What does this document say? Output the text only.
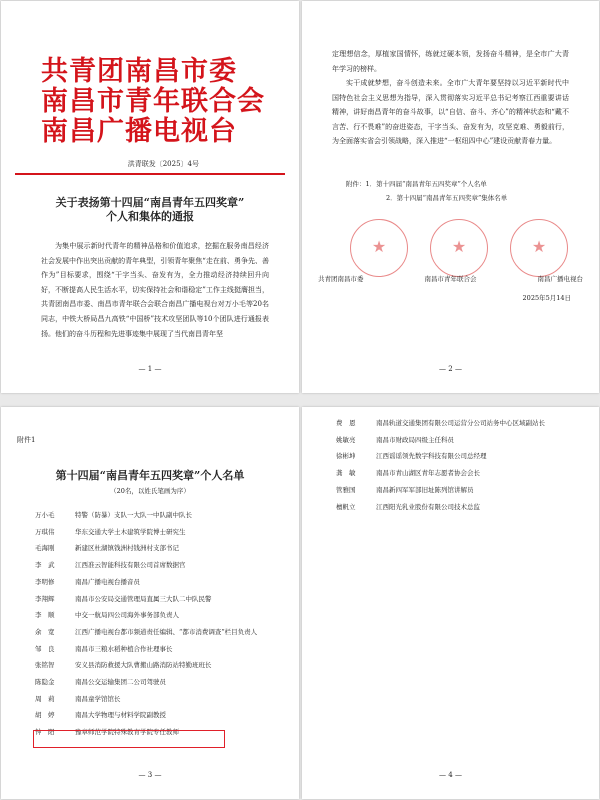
共青团南昌市委
南昌市青年联合会
南昌广播电视台
洪青联发〔2025〕4号
关于表扬第十四届“南昌青年五四奖章”
个人和集体的通报
为集中展示新时代青年的精神品格和价值追求，挖掘在服务南昌经济社会发展中作出突出贡献的青年典型，引领青年聚焦“走在前、勇争先、善作为”目标要求，围绕“干字当头、奋发有为，全力推动经济持续回升向好，不断提高人民生活水平，切实保持社会和谐稳定”工作主线挺膺担当，共青团南昌市委、南昌市青年联合会联合南昌广播电视台对万小毛等20名同志，中铁大桥局昌九高铁“中国桥”技术攻坚团队等10个团队进行通报表扬。他们的奋斗历程和先进事迹集中展现了当代南昌青年坚
— 1 —
定理想信念，厚植家国情怀，练就过硬本领，发扬奋斗精神，是全市广大青年学习的榜样。
实干成就梦想，奋斗创造未来。全市广大青年要坚持以习近平新时代中国特色社会主义思想为指导，深入贯彻落实习近平总书记考察江西重要讲话精神，讲好南昌青年的奋斗故事，以“自信、奋斗、齐心”的精神状态和“戴不言苦、行不畏难”的奋进姿态，干字当头、奋发有为，攻坚克难、勇毅前行，为全面落实省会引领战略，深入推进“一枢纽四中心”建设贡献青春力量。
附件：1．第十四届“南昌青年五四奖章”个人名单
2．第十四届“南昌青年五四奖章”集体名单
★
★
★
共青团南昌市委	南昌市青年联合会	南昌广播电视台
2025年5月14日
— 2 —
附件1
第十四届“南昌青年五四奖章”个人名单
（20名，以姓氏笔画为序）
万小毛	特警（防暴）支队一大队一中队副中队长
万琪伟	华东交通大学土木建筑学院博士研究生
毛海刚	新建区杜湖镇钱洲村钱洲村支部书记
李　武	江西准云智能科技有限公司首席数据官
李明修	南昌广播电视台播音员
李翔辉	南昌市公安局交通管理局直属三大队二中队民警
李　顺	中交一航局四公司海外事务部负责人
余　宽	江西广播电视台都市频道责任编辑、“都市消费调查”栏目负责人
邹　良	南昌市三粮水稻种植合作社理事长
张铭智	安义县消防救援大队曹搬山路消防站特勤班班长
陈隐金	南昌公交运输集团二公司驾驶员
周　莉	南昌童学馆馆长
胡　婷	南昌大学物理与材料学院副教授
钟　阳	豫章师范学院特殊教育学院专任教师
— 3 —
费　恩	南昌轨道交通集团有限公司运营分公司站务中心区域副站长
姚敏亮	南昌市财政局四级主任科员
徐彬坤	江西谣谣领先数字科技有限公司总经理
龚　敏	南昌市青山湖区青年志愿者协会会长
管雅国	南昌新四军军部旧址陈列馆讲解员
檀帆立	江西阳光乳业股份有限公司技术总监
— 4 —
